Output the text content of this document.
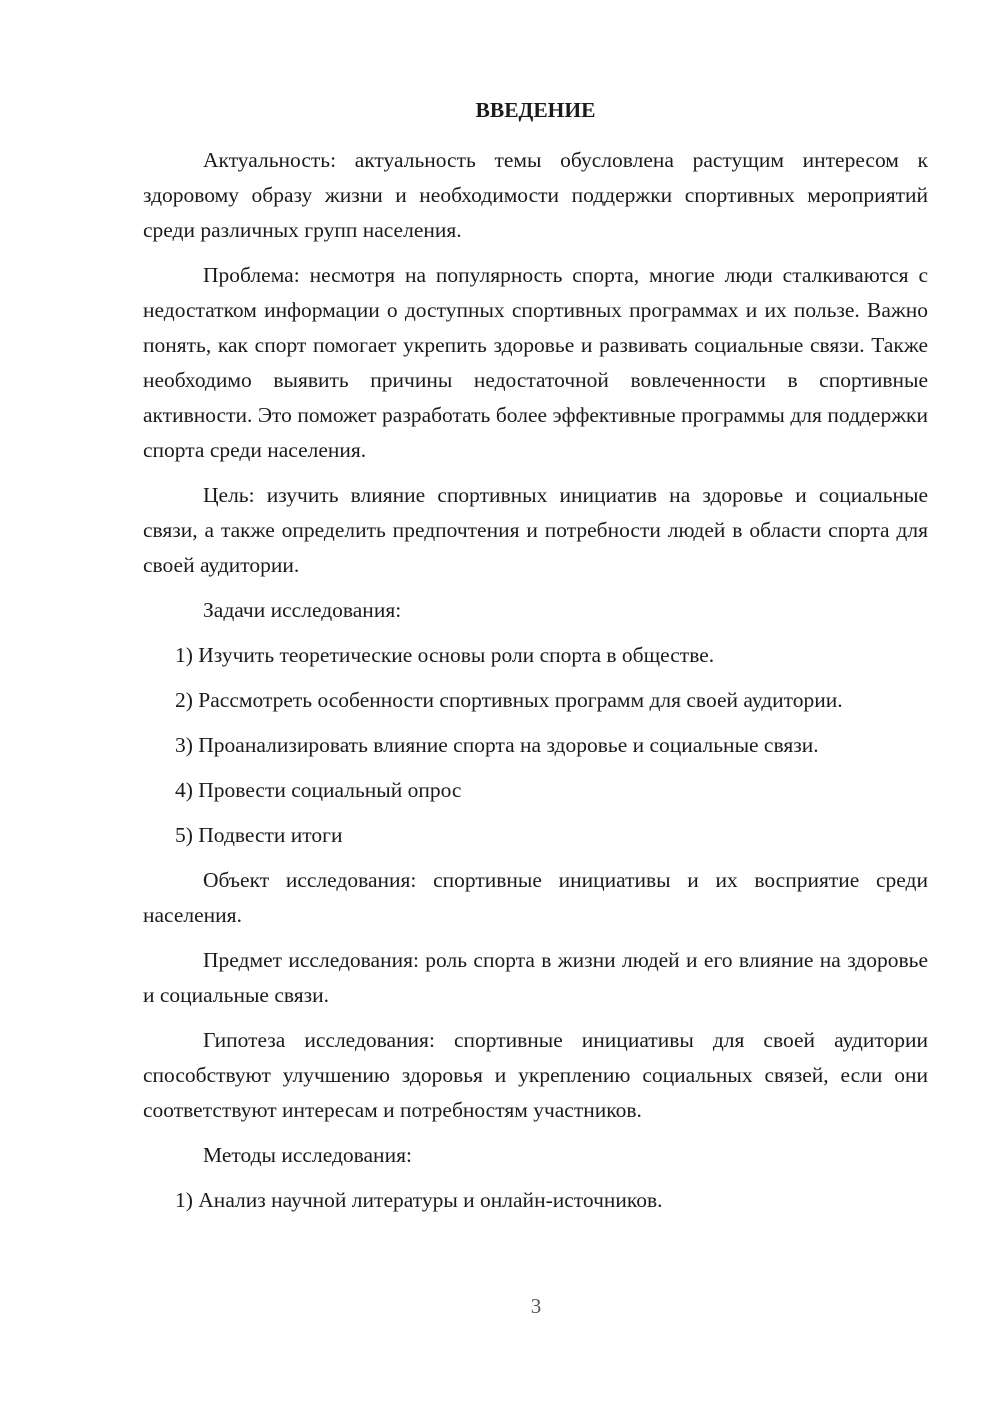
ВВЕДЕНИЕ

Актуальность: актуальность темы обусловлена растущим интересом к здоровому образу жизни и необходимости поддержки спортивных мероприятий среди различных групп населения.

Проблема: несмотря на популярность спорта, многие люди сталкиваются с недостатком информации о доступных спортивных программах и их пользе. Важно понять, как спорт помогает укрепить здоровье и развивать социальные связи. Также необходимо выявить причины недостаточной вовлеченности в спортивные активности. Это поможет разработать более эффективные программы для поддержки спорта среди населения.

Цель: изучить влияние спортивных инициатив на здоровье и социальные связи, а также определить предпочтения и потребности людей в области спорта для своей аудитории.

Задачи исследования:

1) Изучить теоретические основы роли спорта в обществе.

2) Рассмотреть особенности спортивных программ для своей аудитории.

3) Проанализировать влияние спорта на здоровье и социальные связи.

4) Провести социальный опрос

5) Подвести итоги

Объект исследования: спортивные инициативы и их восприятие среди населения.

Предмет исследования: роль спорта в жизни людей и его влияние на здоровье и социальные связи.

Гипотеза исследования: спортивные инициативы для своей аудитории способствуют улучшению здоровья и укреплению социальных связей, если они соответствуют интересам и потребностям участников.

Методы исследования:

1) Анализ научной литературы и онлайн-источников.

3
